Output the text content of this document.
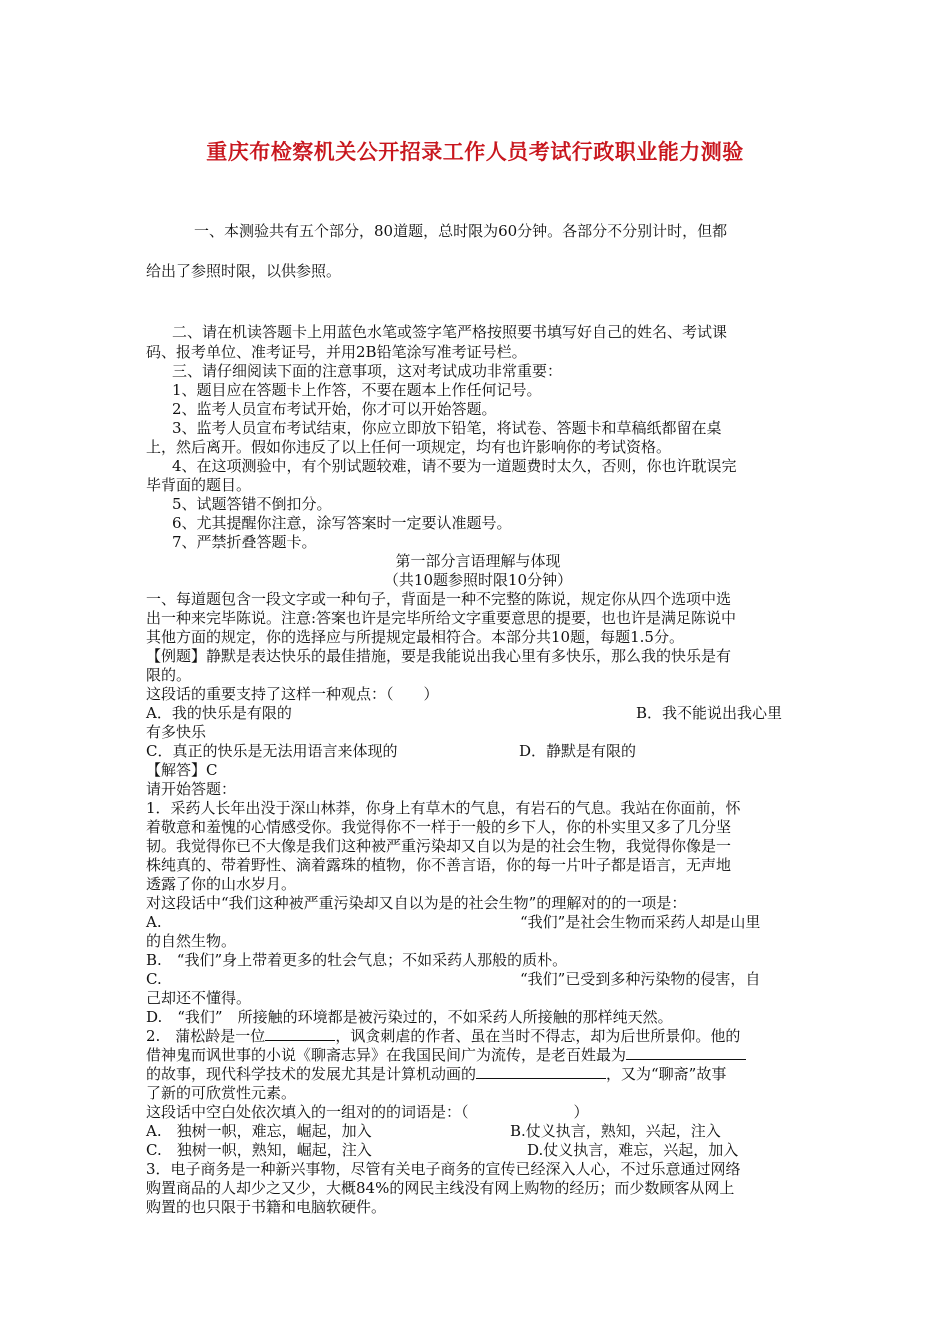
重庆布检察机关公开招录工作人员考试行政职业能力测验
一、本测验共有五个部分，80道题，总时限为60分钟。各部分不分别计时，但都
给出了参照时限，以供参照。
二、请在机读答题卡上用蓝色水笔或签字笔严格按照要书填写好自己的姓名、考试课
码、报考单位、准考证号，并用2B铅笔涂写准考证号栏。
三、请仔细阅读下面的注意事项，这对考试成功非常重要：
1、题目应在答题卡上作答，不要在题本上作任何记号。
2、监考人员宣布考试开始，你才可以开始答题。
3、监考人员宣布考试结束，你应立即放下铅笔，将试卷、答题卡和草稿纸都留在桌
上，然后离开。假如你违反了以上任何一项规定，均有也许影响你的考试资格。
4、在这项测验中，有个别试题较难，请不要为一道题费时太久，否则，你也许耽误完
毕背面的题目。
5、试题答错不倒扣分。
6、尤其提醒你注意，涂写答案时一定要认准题号。
7、严禁折叠答题卡。
第一部分言语理解与体现
（共10题参照时限10分钟）
一、每道题包含一段文字或一种句子，背面是一种不完整的陈说，规定你从四个选项中选
出一种来完毕陈说。注意:答案也许是完毕所给文字重要意思的提要，也也许是满足陈说中
其他方面的规定，你的选择应与所提规定最相符合。本部分共10题，每题1.5分。
【例题】静默是表达快乐的最佳措施，要是我能说出我心里有多快乐，那么我的快乐是有
限的。
这段话的重要支持了这样一种观点：（　　）
A．我的快乐是有限的	B．我不能说出我心里
有多快乐
C．真正的快乐是无法用语言来体现的	D．静默是有限的
【解答】C
请开始答题：
1．采药人长年出没于深山林莽，你身上有草木的气息，有岩石的气息。我站在你面前，怀
着敬意和羞愧的心情感受你。我觉得你不一样于一般的乡下人，你的朴实里又多了几分坚
韧。我觉得你已不大像是我们这种被严重污染却又自以为是的社会生物，我觉得你像是一
株纯真的、带着野性、滴着露珠的植物，你不善言语，你的每一片叶子都是语言，无声地
透露了你的山水岁月。
对这段话中“我们这种被严重污染却又自以为是的社会生物”的理解对的的一项是：
A.	“我们”是社会生物而采药人却是山里
的自然生物。
B.　“我们”身上带着更多的牡会气息；不如采药人那般的质朴。
C.	“我们”已受到多种污染物的侵害，自
己却还不懂得。
D.　“我们”　所接触的环境都是被污染过的，不如采药人所接触的那样纯天然。
2.　蒲松龄是一位	，讽贪刺虐的作者、虽在当时不得志，却为后世所景仰。他的
借神鬼而讽世事的小说《聊斋志异》在我国民间广为流传，是老百姓最为
的故事，现代科学技术的发展尤其是计算机动画的	，又为“聊斋”故事
了新的可欣赏性元素。
这段话中空白处依次填入的一组对的的词语是：（　　　　　　　）
A.　独树一帜，难忘，崛起，加入	B.仗义执言，熟知，兴起，注入
C.　独树一帜，熟知，崛起，注入	D.仗义执言，难忘，兴起，加入
3．电子商务是一种新兴事物，尽管有关电子商务的宣传已经深入人心，不过乐意通过网络
购置商品的人却少之又少，大概84%的网民主线没有网上购物的经历；而少数顾客从网上
购置的也只限于书籍和电脑软硬件。
